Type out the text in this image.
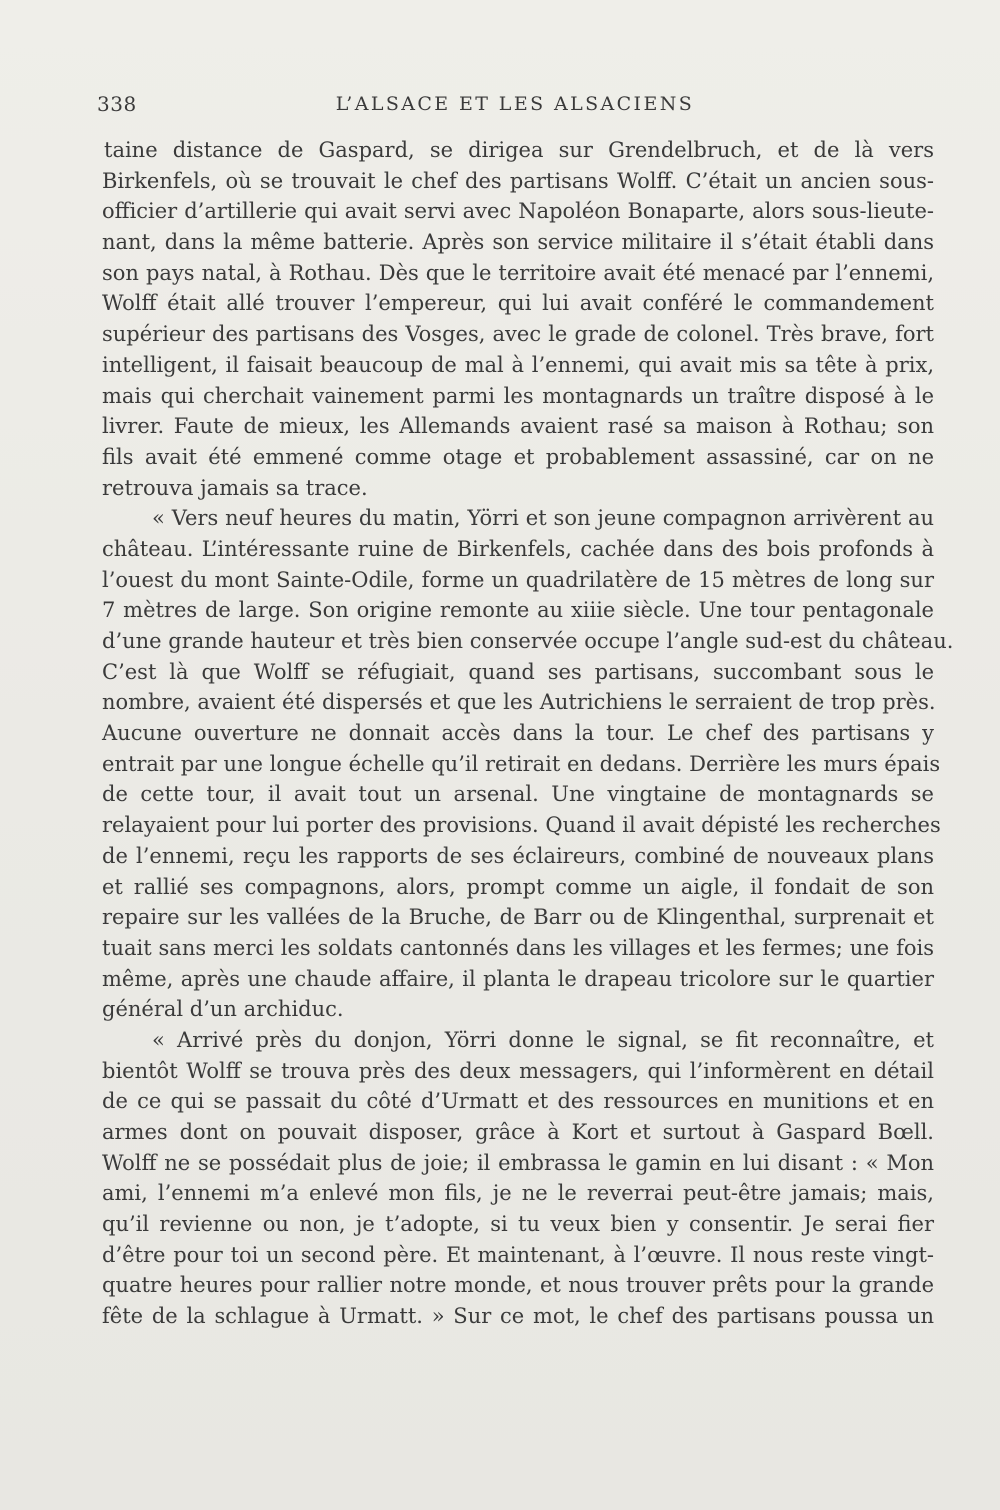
338	L’ALSACE ET LES ALSACIENS
taine distance de Gaspard, se dirigea sur Grendelbruch, et de là vers
Birkenfels, où se trouvait le chef des partisans Wolff. C’était un ancien sous-
officier d’artillerie qui avait servi avec Napoléon Bonaparte, alors sous-lieute-
nant, dans la même batterie. Après son service militaire il s’était établi dans
son pays natal, à Rothau. Dès que le territoire avait été menacé par l’ennemi,
Wolff était allé trouver l’empereur, qui lui avait conféré le commandement
supérieur des partisans des Vosges, avec le grade de colonel. Très brave, fort
intelligent, il faisait beaucoup de mal à l’ennemi, qui avait mis sa tête à prix,
mais qui cherchait vainement parmi les montagnards un traître disposé à le
livrer. Faute de mieux, les Allemands avaient rasé sa maison à Rothau; son
fils avait été emmené comme otage et probablement assassiné, car on ne
retrouva jamais sa trace.
« Vers neuf heures du matin, Yörri et son jeune compagnon arrivèrent au
château. L’intéressante ruine de Birkenfels, cachée dans des bois profonds à
l’ouest du mont Sainte-Odile, forme un quadrilatère de 15 mètres de long sur
7 mètres de large. Son origine remonte au xiiie siècle. Une tour pentagonale
d’une grande hauteur et très bien conservée occupe l’angle sud-est du château.
C’est là que Wolff se réfugiait, quand ses partisans, succombant sous le
nombre, avaient été dispersés et que les Autrichiens le serraient de trop près.
Aucune ouverture ne donnait accès dans la tour. Le chef des partisans y
entrait par une longue échelle qu’il retirait en dedans. Derrière les murs épais
de cette tour, il avait tout un arsenal. Une vingtaine de montagnards se
relayaient pour lui porter des provisions. Quand il avait dépisté les recherches
de l’ennemi, reçu les rapports de ses éclaireurs, combiné de nouveaux plans
et rallié ses compagnons, alors, prompt comme un aigle, il fondait de son
repaire sur les vallées de la Bruche, de Barr ou de Klingenthal, surprenait et
tuait sans merci les soldats cantonnés dans les villages et les fermes; une fois
même, après une chaude affaire, il planta le drapeau tricolore sur le quartier
général d’un archiduc.
« Arrivé près du donjon, Yörri donne le signal, se fit reconnaître, et
bientôt Wolff se trouva près des deux messagers, qui l’informèrent en détail
de ce qui se passait du côté d’Urmatt et des ressources en munitions et en
armes dont on pouvait disposer, grâce à Kort et surtout à Gaspard Bœll.
Wolff ne se possédait plus de joie; il embrassa le gamin en lui disant : « Mon
ami, l’ennemi m’a enlevé mon fils, je ne le reverrai peut-être jamais; mais,
qu’il revienne ou non, je t’adopte, si tu veux bien y consentir. Je serai fier
d’être pour toi un second père. Et maintenant, à l’œuvre. Il nous reste vingt-
quatre heures pour rallier notre monde, et nous trouver prêts pour la grande
fête de la schlague à Urmatt. » Sur ce mot, le chef des partisans poussa un
